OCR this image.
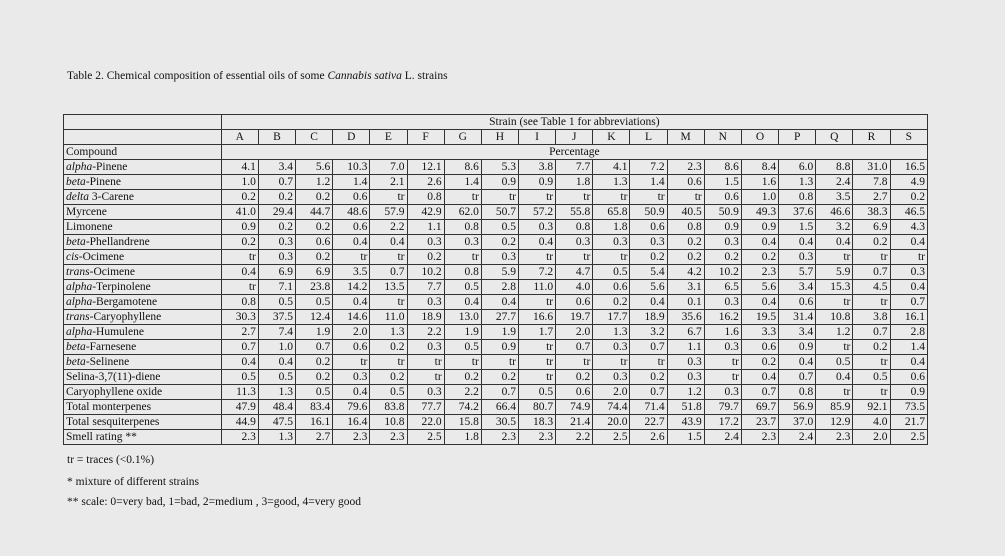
Table 2. Chemical composition of essential oils of some Cannabis sativa L. strains
	Strain (see Table 1 for abbreviations)																		
	A	B	C	D	E	F	G	H	I	J	K	L	M	N	O	P	Q	R	S
Compound	Percentage																		
alpha-Pinene	4.1	3.4	5.6	10.3	7.0	12.1	8.6	5.3	3.8	7.7	4.1	7.2	2.3	8.6	8.4	6.0	8.8	31.0	16.5
beta-Pinene	1.0	0.7	1.2	1.4	2.1	2.6	1.4	0.9	0.9	1.8	1.3	1.4	0.6	1.5	1.6	1.3	2.4	7.8	4.9
delta 3-Carene	0.2	0.2	0.2	0.6	tr	0.8	tr	tr	tr	tr	tr	tr	tr	0.6	1.0	0.8	3.5	2.7	0.2
Myrcene	41.0	29.4	44.7	48.6	57.9	42.9	62.0	50.7	57.2	55.8	65.8	50.9	40.5	50.9	49.3	37.6	46.6	38.3	46.5
Limonene	0.9	0.2	0.2	0.6	2.2	1.1	0.8	0.5	0.3	0.8	1.8	0.6	0.8	0.9	0.9	1.5	3.2	6.9	4.3
beta-Phellandrene	0.2	0.3	0.6	0.4	0.4	0.3	0.3	0.2	0.4	0.3	0.3	0.3	0.2	0.3	0.4	0.4	0.4	0.2	0.4
cis-Ocimene	tr	0.3	0.2	tr	tr	0.2	tr	0.3	tr	tr	tr	0.2	0.2	0.2	0.2	0.3	tr	tr	tr
trans-Ocimene	0.4	6.9	6.9	3.5	0.7	10.2	0.8	5.9	7.2	4.7	0.5	5.4	4.2	10.2	2.3	5.7	5.9	0.7	0.3
alpha-Terpinolene	tr	7.1	23.8	14.2	13.5	7.7	0.5	2.8	11.0	4.0	0.6	5.6	3.1	6.5	5.6	3.4	15.3	4.5	0.4
alpha-Bergamotene	0.8	0.5	0.5	0.4	tr	0.3	0.4	0.4	tr	0.6	0.2	0.4	0.1	0.3	0.4	0.6	tr	tr	0.7
trans-Caryophyllene	30.3	37.5	12.4	14.6	11.0	18.9	13.0	27.7	16.6	19.7	17.7	18.9	35.6	16.2	19.5	31.4	10.8	3.8	16.1
alpha-Humulene	2.7	7.4	1.9	2.0	1.3	2.2	1.9	1.9	1.7	2.0	1.3	3.2	6.7	1.6	3.3	3.4	1.2	0.7	2.8
beta-Farnesene	0.7	1.0	0.7	0.6	0.2	0.3	0.5	0.9	tr	0.7	0.3	0.7	1.1	0.3	0.6	0.9	tr	0.2	1.4
beta-Selinene	0.4	0.4	0.2	tr	tr	tr	tr	tr	tr	tr	tr	tr	0.3	tr	0.2	0.4	0.5	tr	0.4
Selina-3,7(11)-diene	0.5	0.5	0.2	0.3	0.2	tr	0.2	0.2	tr	0.2	0.3	0.2	0.3	tr	0.4	0.7	0.4	0.5	0.6
Caryophyllene oxide	11.3	1.3	0.5	0.4	0.5	0.3	2.2	0.7	0.5	0.6	2.0	0.7	1.2	0.3	0.7	0.8	tr	tr	0.9
Total monterpenes	47.9	48.4	83.4	79.6	83.8	77.7	74.2	66.4	80.7	74.9	74.4	71.4	51.8	79.7	69.7	56.9	85.9	92.1	73.5
Total sesquiterpenes	44.9	47.5	16.1	16.4	10.8	22.0	15.8	30.5	18.3	21.4	20.0	22.7	43.9	17.2	23.7	37.0	12.9	4.0	21.7
Smell rating **	2.3	1.3	2.7	2.3	2.3	2.5	1.8	2.3	2.3	2.2	2.5	2.6	1.5	2.4	2.3	2.4	2.3	2.0	2.5
tr = traces (<0.1%)
* mixture of different strains
** scale: 0=very bad, 1=bad, 2=medium , 3=good, 4=very good
